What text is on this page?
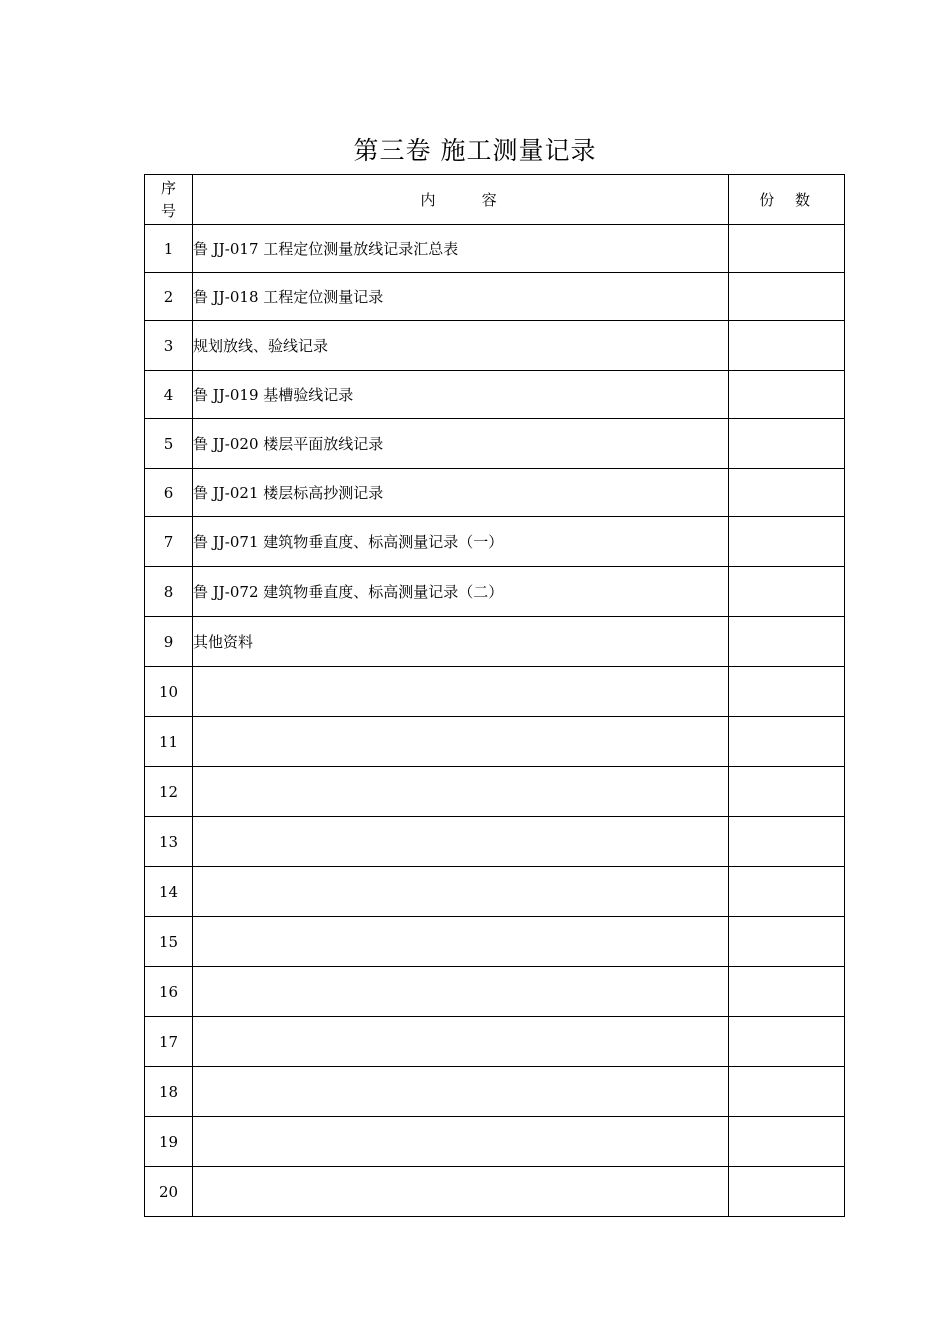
第三卷 施工测量记录
序号	内     容	份  数
1	鲁 JJ-017 工程定位测量放线记录汇总表	
2	鲁 JJ-018 工程定位测量记录	
3	规划放线、验线记录	
4	鲁 JJ-019 基槽验线记录	
5	鲁 JJ-020 楼层平面放线记录	
6	鲁 JJ-021 楼层标高抄测记录	
7	鲁 JJ-071 建筑物垂直度、标高测量记录（一）	
8	鲁 JJ-072 建筑物垂直度、标高测量记录（二）	
9	其他资料	
10		
11		
12		
13		
14		
15		
16		
17		
18		
19		
20		
